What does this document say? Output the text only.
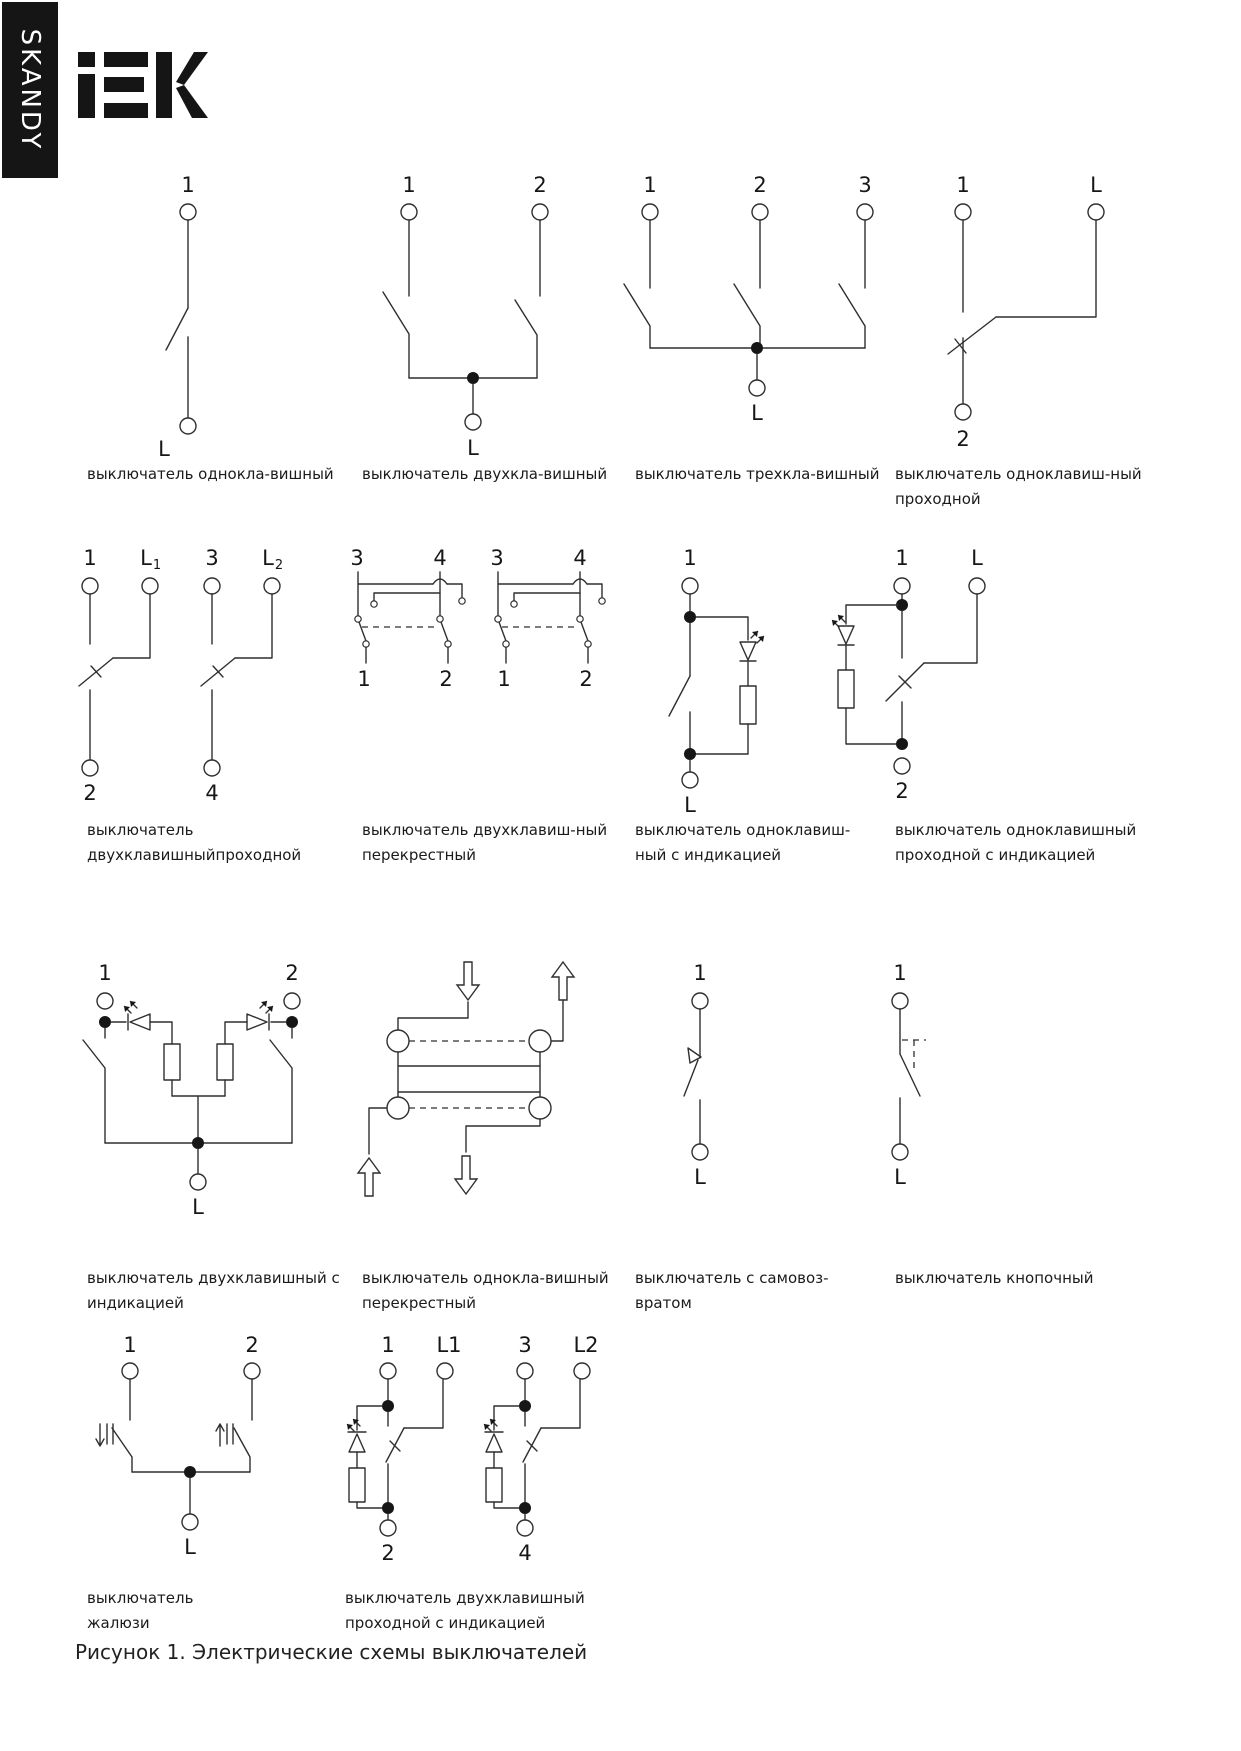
SKANDY
1
L
1	2
L
1	2	3
L
1	L
2
1 L 1	L 2
3
2	4
3	4
1	2
3	4
1	2
1
L
1	L
2
1	2
L
1
L
1
L
1	2
L
1 L1
2
3 L2
4
выключатель однокла-вишный выключатель двухкла-вишный выключатель трехкла-вишный выключатель одноклавиш-ный
проходной
выключатель
двухклавишныйпроходной
выключатель двухклавиш-ный
перекрестный
выключатель одноклавиш-
ный с индикацией
выключатель одноклавишный
проходной с индикацией
выключатель двухклавишный с
индикацией
выключатель однокла-вишный
перекрестный
выключатель с самовоз-
вратом
выключатель кнопочный
выключатель
жалюзи
выключатель двухклавишный
проходной с индикацией
Рисунок 1. Электрические схемы выключателей
